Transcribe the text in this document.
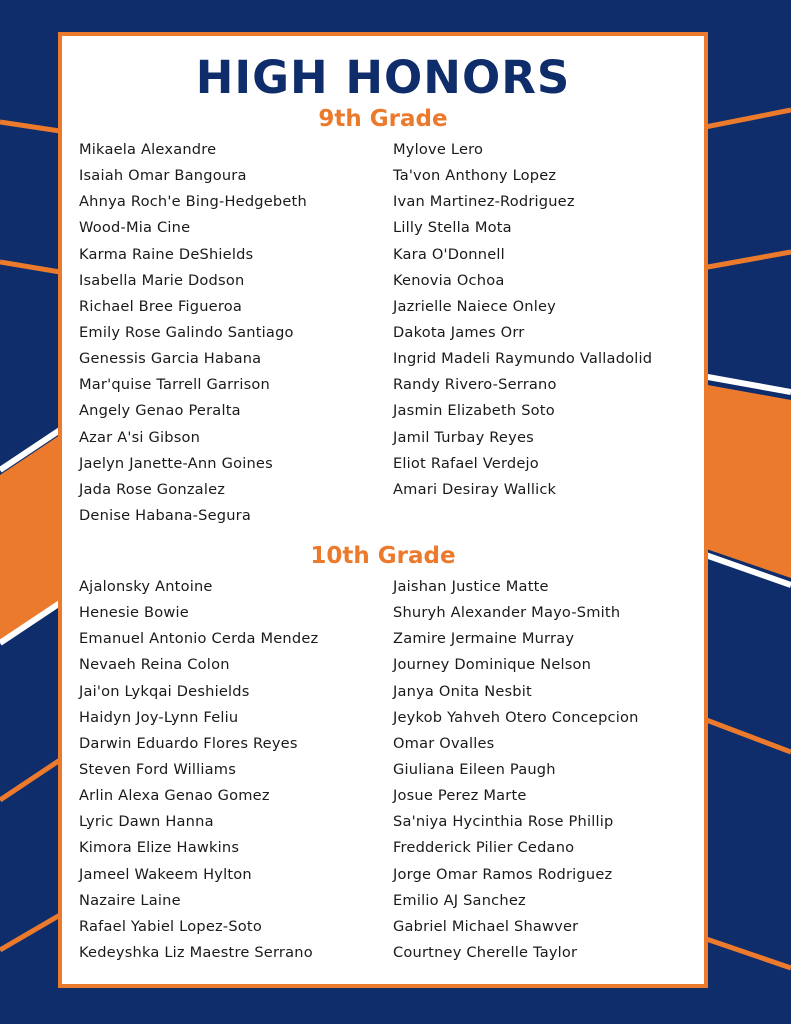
HIGH HONORS
9th Grade
Mikaela Alexandre
Isaiah Omar Bangoura
Ahnya Roch'e Bing-Hedgebeth
Wood-Mia Cine
Karma Raine DeShields
Isabella Marie Dodson
Richael Bree Figueroa
Emily Rose Galindo Santiago
Genessis Garcia Habana
Mar'quise Tarrell Garrison
Angely Genao Peralta
Azar A'si Gibson
Jaelyn Janette-Ann Goines
Jada Rose Gonzalez
Denise Habana-Segura
Mylove Lero
Ta'von Anthony Lopez
Ivan Martinez-Rodriguez
Lilly Stella Mota
Kara O'Donnell
Kenovia Ochoa
Jazrielle Naiece Onley
Dakota James Orr
Ingrid Madeli Raymundo Valladolid
Randy Rivero-Serrano
Jasmin Elizabeth Soto
Jamil Turbay Reyes
Eliot Rafael Verdejo
Amari Desiray Wallick
10th Grade
Ajalonsky Antoine
Henesie Bowie
Emanuel Antonio Cerda Mendez
Nevaeh Reina Colon
Jai'on Lykqai Deshields
Haidyn Joy-Lynn Feliu
Darwin Eduardo Flores Reyes
Steven Ford Williams
Arlin Alexa Genao Gomez
Lyric Dawn Hanna
Kimora Elize Hawkins
Jameel Wakeem Hylton
Nazaire Laine
Rafael Yabiel Lopez-Soto
Kedeyshka Liz Maestre Serrano
Jaishan Justice Matte
Shuryh Alexander Mayo-Smith
Zamire Jermaine Murray
Journey Dominique Nelson
Janya Onita Nesbit
Jeykob Yahveh Otero Concepcion
Omar Ovalles
Giuliana Eileen Paugh
Josue Perez Marte
Sa'niya Hycinthia Rose Phillip
Fredderick Pilier Cedano
Jorge Omar Ramos Rodriguez
Emilio AJ Sanchez
Gabriel Michael Shawver
Courtney Cherelle Taylor
